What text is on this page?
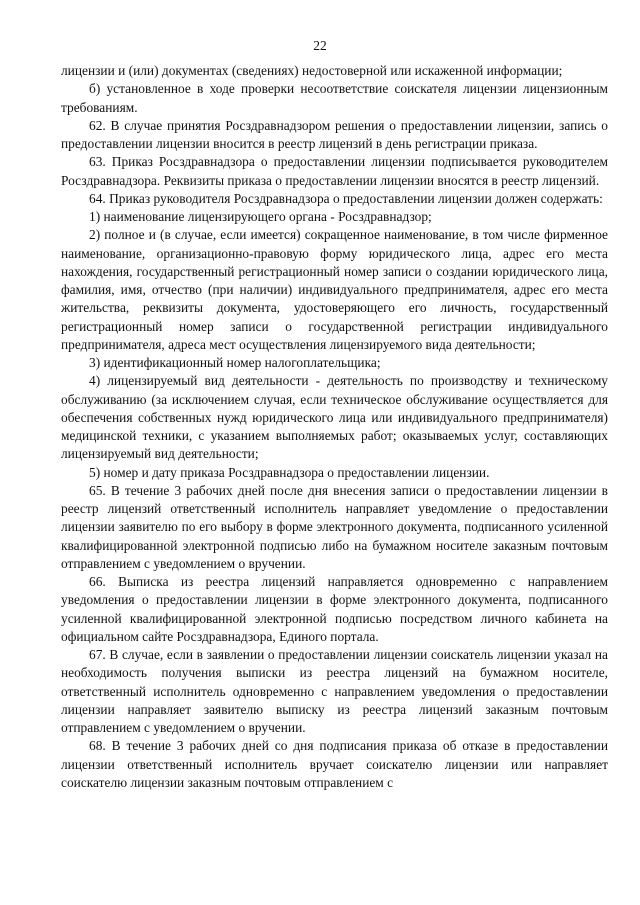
22

лицензии и (или) документах (сведениях) недостоверной или искаженной информации;

б) установленное в ходе проверки несоответствие соискателя лицензии лицензионным требованиям.

62. В случае принятия Росздравнадзором решения о предоставлении лицензии, запись о предоставлении лицензии вносится в реестр лицензий в день регистрации приказа.

63. Приказ Росздравнадзора о предоставлении лицензии подписывается руководителем Росздравнадзора. Реквизиты приказа о предоставлении лицензии вносятся в реестр лицензий.

64. Приказ руководителя Росздравнадзора о предоставлении лицензии должен содержать:

1) наименование лицензирующего органа - Росздравнадзор;

2) полное и (в случае, если имеется) сокращенное наименование, в том числе фирменное наименование, организационно-правовую форму юридического лица, адрес его места нахождения, государственный регистрационный номер записи о создании юридического лица, фамилия, имя, отчество (при наличии) индивидуального предпринимателя, адрес его места жительства, реквизиты документа, удостоверяющего его личность, государственный регистрационный номер записи о государственной регистрации индивидуального предпринимателя, адреса мест осуществления лицензируемого вида деятельности;

3) идентификационный номер налогоплательщика;

4) лицензируемый вид деятельности - деятельность по производству и техническому обслуживанию (за исключением случая, если техническое обслуживание осуществляется для обеспечения собственных нужд юридического лица или индивидуального предпринимателя) медицинской техники, с указанием выполняемых работ; оказываемых услуг, составляющих лицензируемый вид деятельности;

5) номер и дату приказа Росздравнадзора о предоставлении лицензии.

65. В течение 3 рабочих дней после дня внесения записи о предоставлении лицензии в реестр лицензий ответственный исполнитель направляет уведомление о предоставлении лицензии заявителю по его выбору в форме электронного документа, подписанного усиленной квалифицированной электронной подписью либо на бумажном носителе заказным почтовым отправлением с уведомлением о вручении.

66. Выписка из реестра лицензий направляется одновременно с направлением уведомления о предоставлении лицензии в форме электронного документа, подписанного усиленной квалифицированной электронной подписью посредством личного кабинета на официальном сайте Росздравнадзора, Единого портала.

67. В случае, если в заявлении о предоставлении лицензии соискатель лицензии указал на необходимость получения выписки из реестра лицензий на бумажном носителе, ответственный исполнитель одновременно с направлением уведомления о предоставлении лицензии направляет заявителю выписку из реестра лицензий заказным почтовым отправлением с уведомлением о вручении.

68. В течение 3 рабочих дней со дня подписания приказа об отказе в предоставлении лицензии ответственный исполнитель вручает соискателю лицензии или направляет соискателю лицензии заказным почтовым отправлением с
